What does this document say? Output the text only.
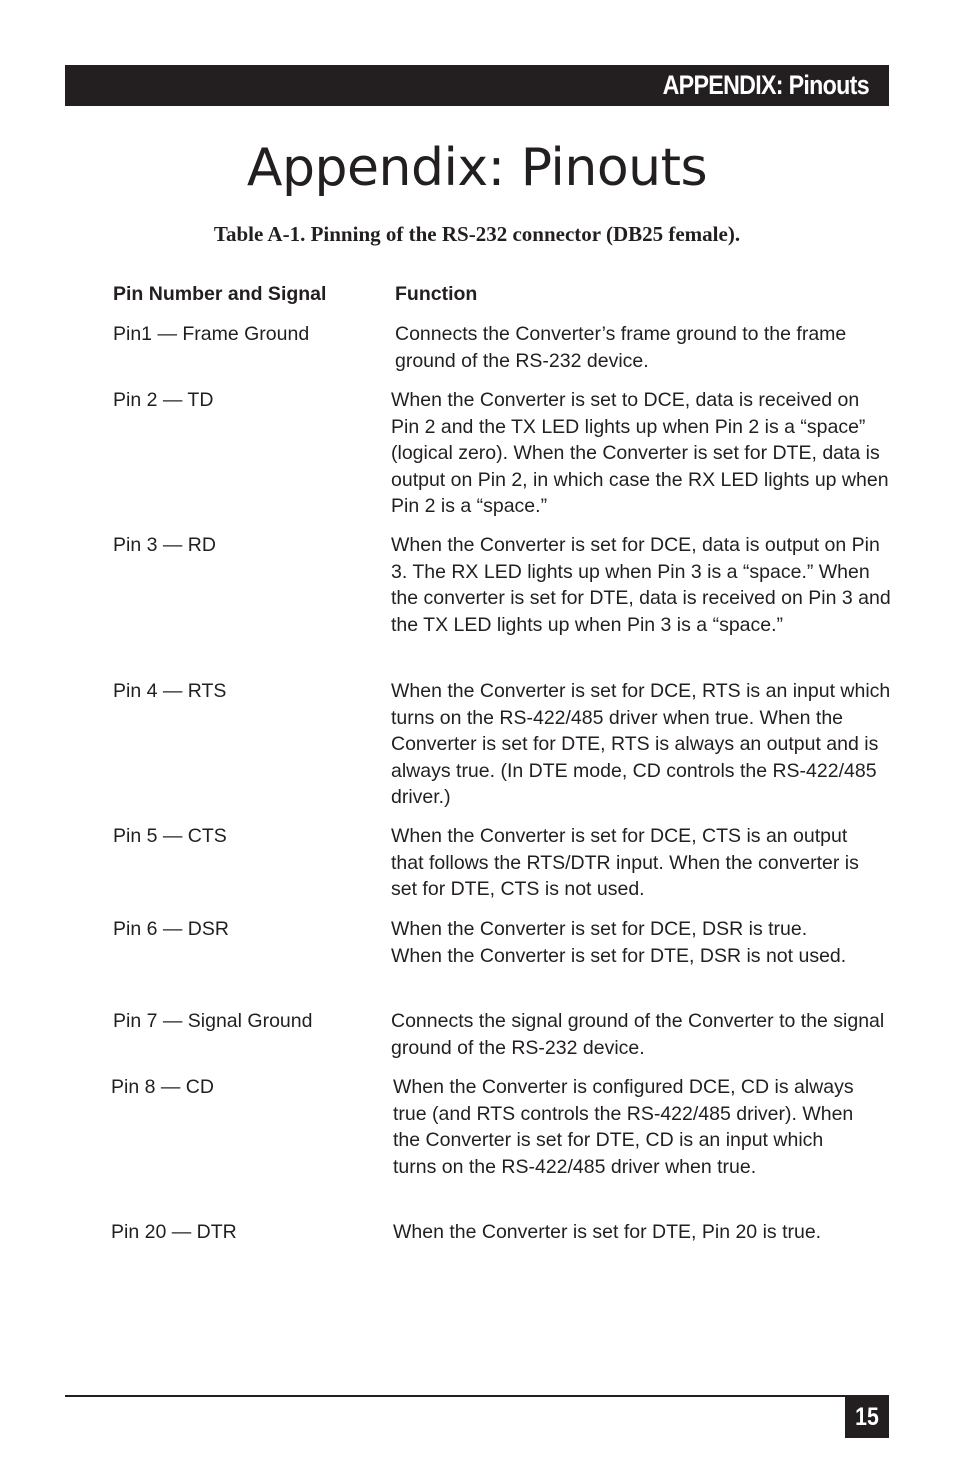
APPENDIX: Pinouts
Appendix: Pinouts

Table A-1. Pinning of the RS-232 connector (DB25 female).

Pin Number and Signal	Function
Pin1 — Frame Ground	Connects the Converter’s frame ground to the frame ground of the RS-232 device.
Pin 2 — TD	When the Converter is set to DCE, data is received on Pin 2 and the TX LED lights up when Pin 2 is a “space” (logical zero). When the Converter is set for DTE, data is output on Pin 2, in which case the RX LED lights up when Pin 2 is a “space.”
Pin 3 — RD	When the Converter is set for DCE, data is output on Pin 3. The RX LED lights up when Pin 3 is a “space.” When the converter is set for DTE, data is received on Pin 3 and the TX LED lights up when Pin 3 is a “space.”
Pin 4 — RTS	When the Converter is set for DCE, RTS is an input which turns on the RS-422/485 driver when true. When the Converter is set for DTE, RTS is always an output and is always true. (In DTE mode, CD controls the RS-422/485 driver.)
Pin 5 — CTS	When the Converter is set for DCE, CTS is an output that follows the RTS/DTR input. When the converter is set for DTE, CTS is not used.
Pin 6 — DSR	When the Converter is set for DCE, DSR is true. When the Converter is set for DTE, DSR is not used.
Pin 7 — Signal Ground	Connects the signal ground of the Converter to the signal ground of the RS-232 device.
Pin 8 — CD	When the Converter is configured DCE, CD is always true (and RTS controls the RS-422/485 driver). When the Converter is set for DTE, CD is an input which turns on the RS-422/485 driver when true.
Pin 20 — DTR	When the Converter is set for DTE, Pin 20 is true.
15
